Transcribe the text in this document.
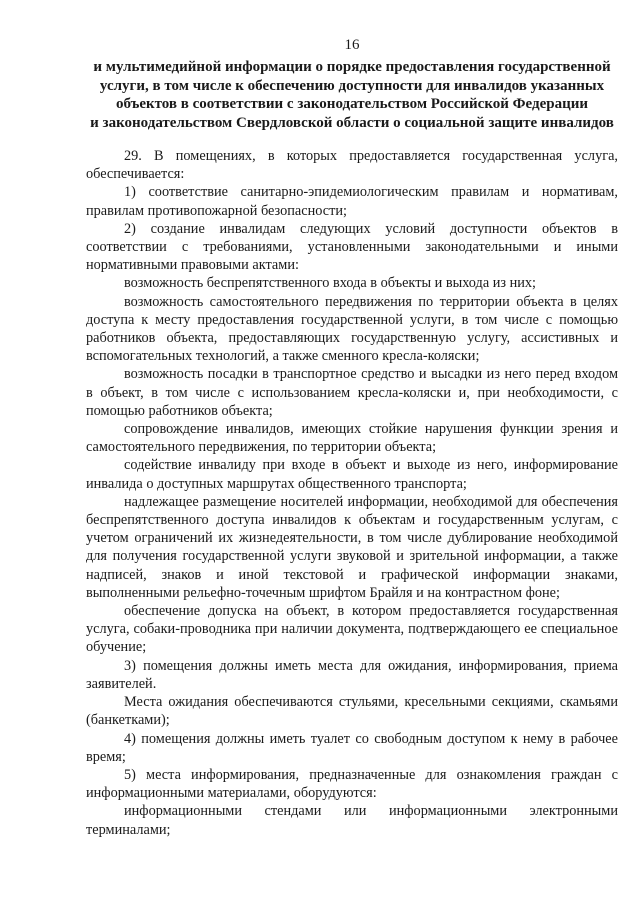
16
и мультимедийной информации о порядке предоставления государственной
услуги, в том числе к обеспечению доступности для инвалидов указанных
объектов в соответствии с законодательством Российской Федерации
и законодательством Свердловской области о социальной защите инвалидов

29. В помещениях, в которых предоставляется государственная услуга, обеспечивается:

1) соответствие санитарно-эпидемиологическим правилам и нормативам, правилам противопожарной безопасности;

2) создание инвалидам следующих условий доступности объектов в соответствии с требованиями, установленными законодательными и иными нормативными правовыми актами:

возможность беспрепятственного входа в объекты и выхода из них;

возможность самостоятельного передвижения по территории объекта в целях доступа к месту предоставления государственной услуги, в том числе с помощью работников объекта, предоставляющих государственную услугу, ассистивных и вспомогательных технологий, а также сменного кресла-коляски;

возможность посадки в транспортное средство и высадки из него перед входом в объект, в том числе с использованием кресла-коляски и, при необходимости, с помощью работников объекта;

сопровождение инвалидов, имеющих стойкие нарушения функции зрения и самостоятельного передвижения, по территории объекта;

содействие инвалиду при входе в объект и выходе из него, информирование инвалида о доступных маршрутах общественного транспорта;

надлежащее размещение носителей информации, необходимой для обеспечения беспрепятственного доступа инвалидов к объектам и государственным услугам, с учетом ограничений их жизнедеятельности, в том числе дублирование необходимой для получения государственной услуги звуковой и зрительной информации, а также надписей, знаков и иной текстовой и графической информации знаками, выполненными рельефно-точечным шрифтом Брайля и на контрастном фоне;

обеспечение допуска на объект, в котором предоставляется государственная услуга, собаки-проводника при наличии документа, подтверждающего ее специальное обучение;

3) помещения должны иметь места для ожидания, информирования, приема заявителей.

Места ожидания обеспечиваются стульями, кресельными секциями, скамьями (банкетками);

4) помещения должны иметь туалет со свободным доступом к нему в рабочее время;

5) места информирования, предназначенные для ознакомления граждан с информационными материалами, оборудуются:

информационными стендами или информационными электронными терминалами;
